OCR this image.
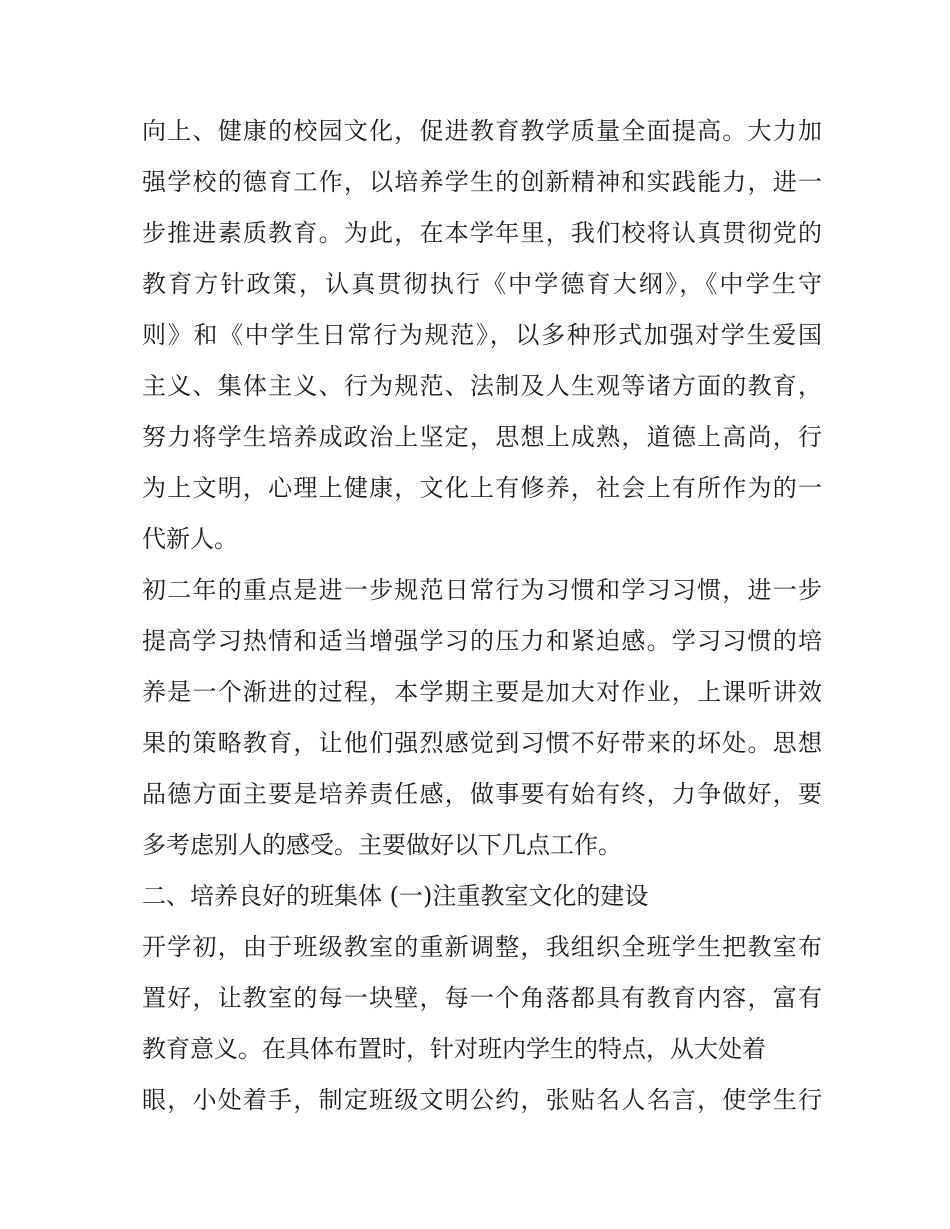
向上、健康的校园文化，促进教育教学质量全面提高。大力加
强学校的德育工作，以培养学生的创新精神和实践能力，进一
步推进素质教育。为此，在本学年里，我们校将认真贯彻党的
教育方针政策，认真贯彻执行《中学德育大纲》，《中学生守
则》和《中学生日常行为规范》，以多种形式加强对学生爱国
主义、集体主义、行为规范、法制及人生观等诸方面的教育，
努力将学生培养成政治上坚定，思想上成熟，道德上高尚，行
为上文明，心理上健康，文化上有修养，社会上有所作为的一
代新人。
初二年的重点是进一步规范日常行为习惯和学习习惯，进一步
提高学习热情和适当增强学习的压力和紧迫感。学习习惯的培
养是一个渐进的过程，本学期主要是加大对作业，上课听讲效
果的策略教育，让他们强烈感觉到习惯不好带来的坏处。思想
品德方面主要是培养责任感，做事要有始有终，力争做好，要
多考虑别人的感受。主要做好以下几点工作。
二、培养良好的班集体 (一)注重教室文化的建设
开学初，由于班级教室的重新调整，我组织全班学生把教室布
置好，让教室的每一块壁，每一个角落都具有教育内容，富有
教育意义。在具体布置时，针对班内学生的特点，从大处着
眼，小处着手，制定班级文明公约，张贴名人名言，使学生行
